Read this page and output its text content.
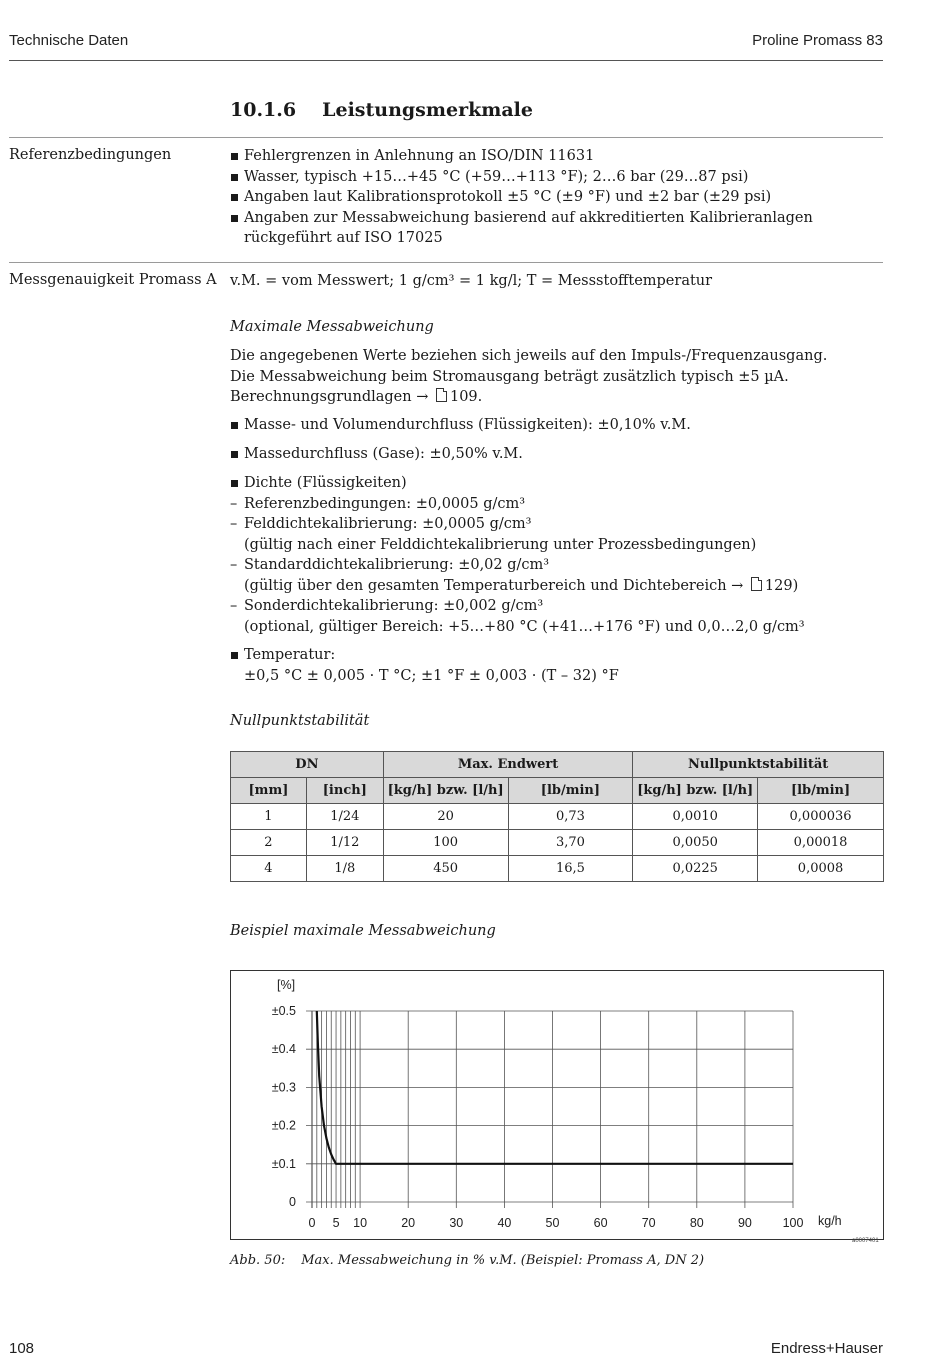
Technische Daten	Proline Promass 83
10.1.6 Leistungsmerkmale
Referenzbedingungen	Fehlergrenzen in Anlehnung an ISO/DIN 11631
Wasser, typisch +15…+45 °C (+59…+113 °F); 2…6 bar (29…87 psi)
Angaben laut Kalibrationsprotokoll ±5 °C (±9 °F) und ±2 bar (±29 psi)
Angaben zur Messabweichung basierend auf akkreditierten Kalibrieranlagen rückgeführt auf ISO 17025
Messgenauigkeit Promass A v.M. = vom Messwert; 1 g/cm³ = 1 kg/l; T = Messstofftemperatur
Maximale Messabweichung
Die angegebenen Werte beziehen sich jeweils auf den Impuls-/Frequenzausgang.
Die Messabweichung beim Stromausgang beträgt zusätzlich typisch ±5 µA.
Berechnungsgrundlagen → 109.
Masse- und Volumendurchfluss (Flüssigkeiten): ±0,10% v.M.
Massedurchfluss (Gase): ±0,50% v.M.
Dichte (Flüssigkeiten)
– Referenzbedingungen: ±0,0005 g/cm³
– Felddichtekalibrierung: ±0,0005 g/cm³
(gültig nach einer Felddichtekalibrierung unter Prozessbedingungen)
– Standarddichtekalibrierung: ±0,02 g/cm³
(gültig über den gesamten Temperaturbereich und Dichtebereich → 129)
– Sonderdichtekalibrierung: ±0,002 g/cm³
(optional, gültiger Bereich: +5…+80 °C (+41…+176 °F) und 0,0…2,0 g/cm³
Temperatur:
±0,5 °C ± 0,005 · T °C; ±1 °F ± 0,003 · (T – 32) °F
Nullpunktstabilität
DN		Max. Endwert		Nullpunktstabilität	
[mm]	[inch]	[kg/h] bzw. [l/h]	[lb/min]	[kg/h] bzw. [l/h]	[lb/min]
1	1/24	20	0,73	0,0010	0,000036
2	1/12	100	3,70	0,0050	0,00018
4	1/8	450	16,5	0,0225	0,0008
Beispiel maximale Messabweichung
0
±0.1
±0.2
±0.3
±0.4
±0.5
0 5 10	20	30	40	50	60	70	80	90 100
[%]
kg/h
a0007401
Abb. 50: Max. Messabweichung in % v.M. (Beispiel: Promass A, DN 2)
108	Endress+Hauser
